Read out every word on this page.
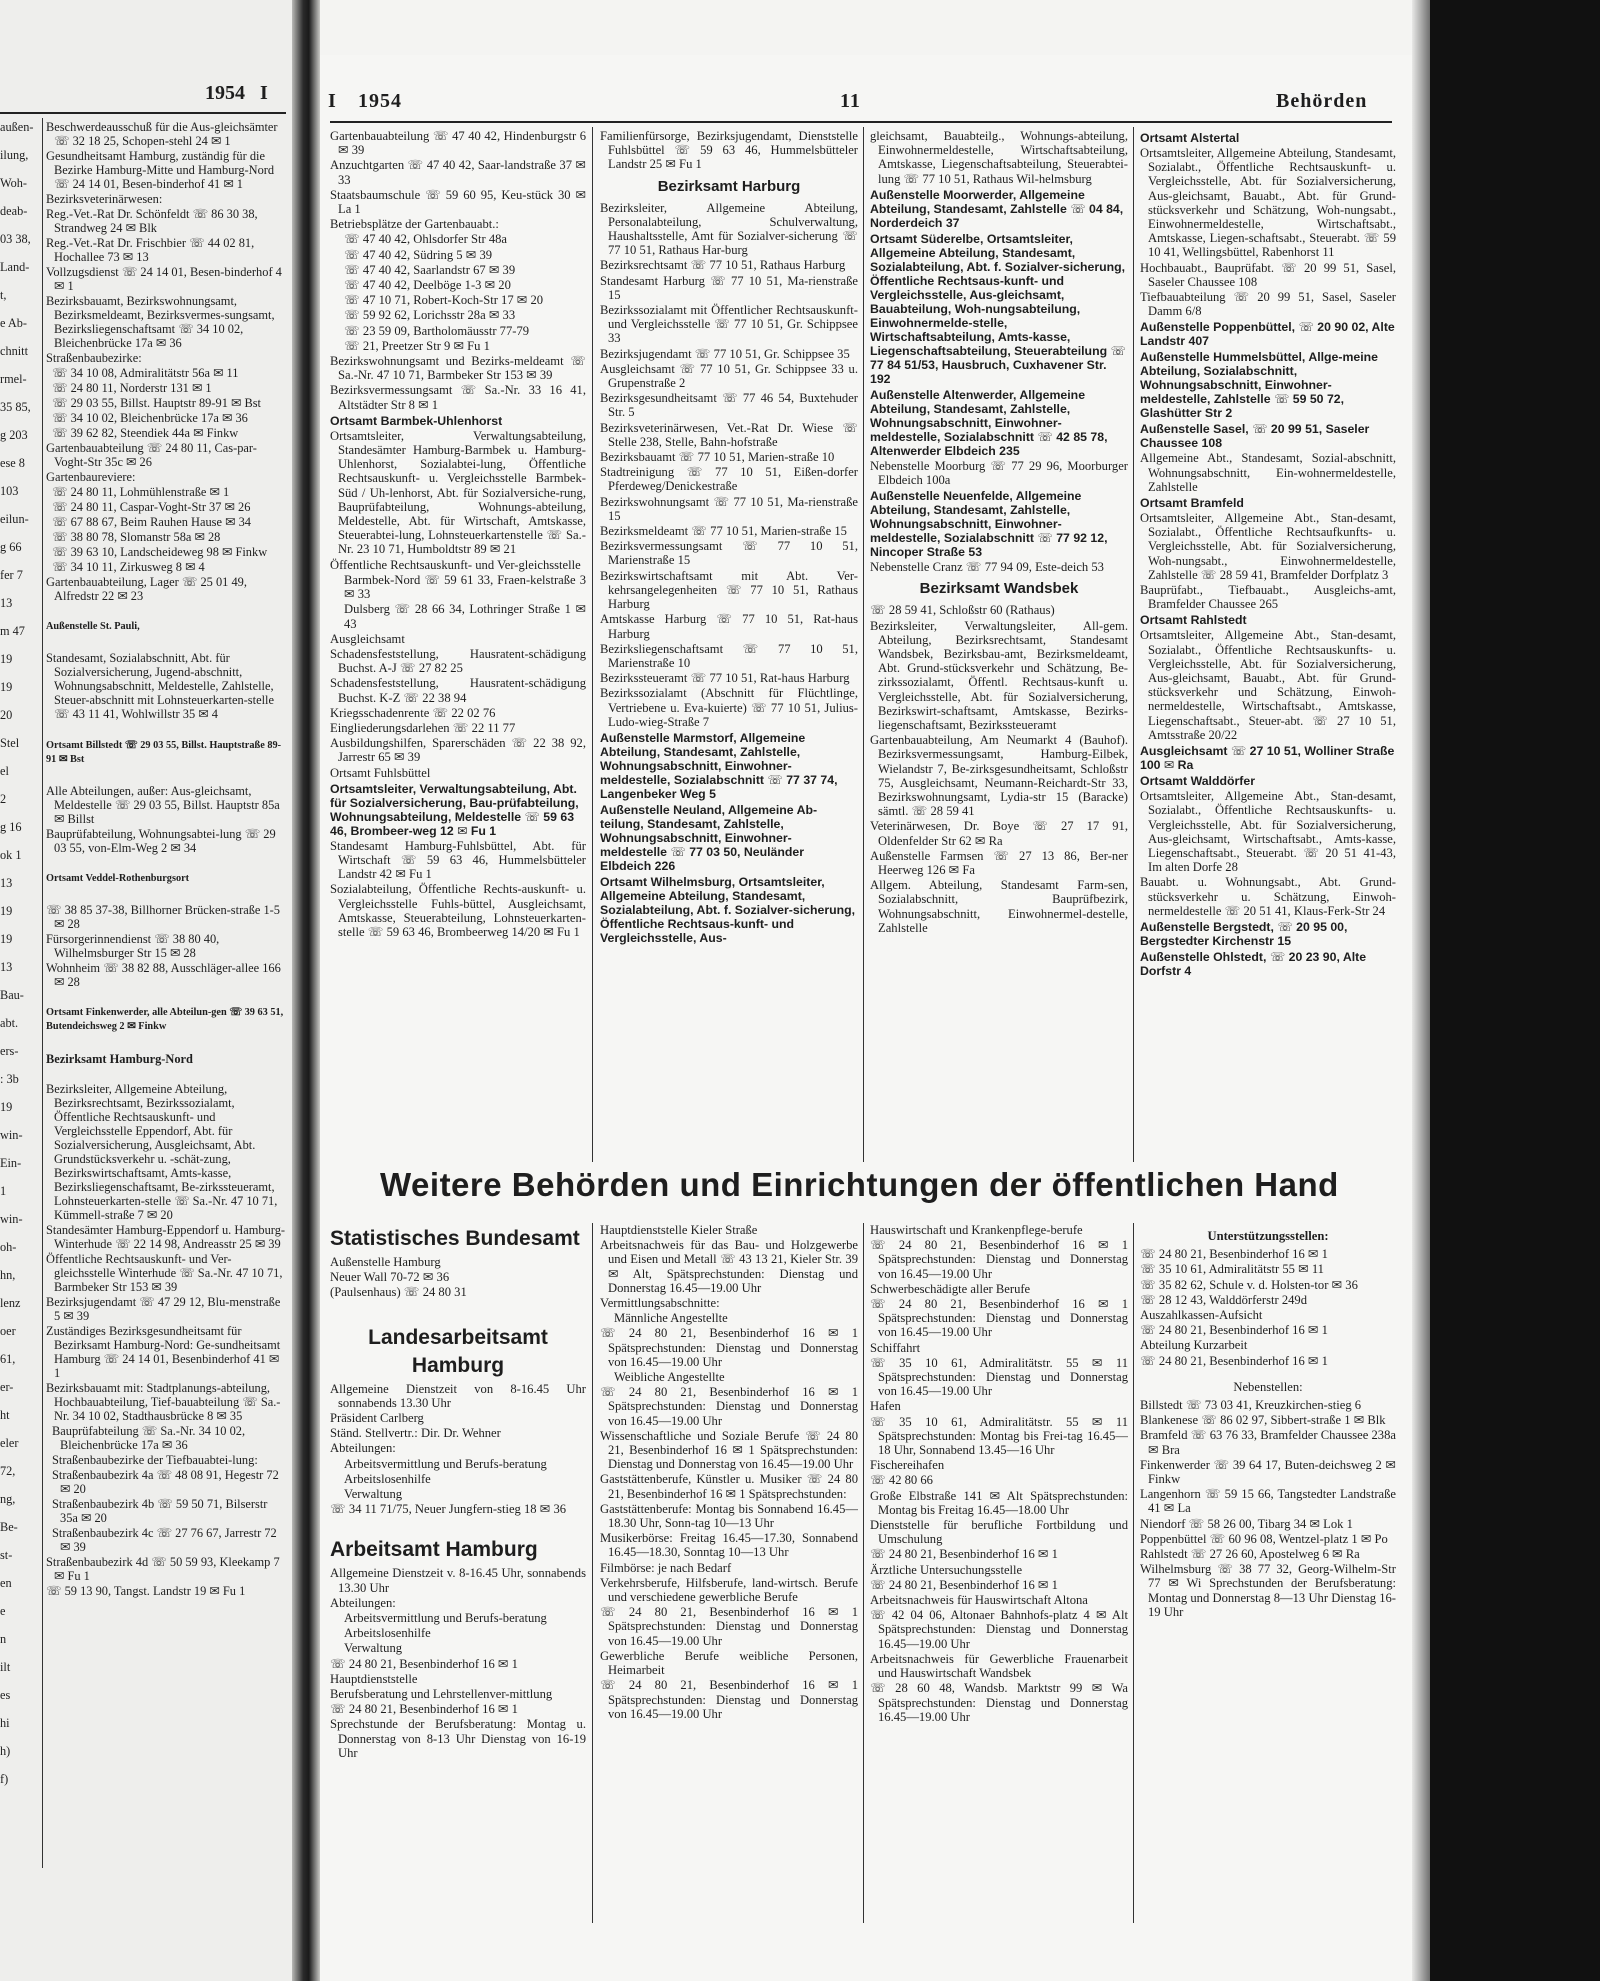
1954 I
außen-
ilung,
Woh-
deab-
03 38,
Land-
t,
e Ab-
chnitt
rmel-
35 85,
g 203
ese 8
103
eilun-
g 66
fer 7
13
m 47
19
19
20
Stel
el
2
g 16
ok 1
13
19
19
13
Bau-
abt.
ers-
: 3b
19
win-
Ein-
1
win-
oh-
hn,
lenz
oer
61,
er-
ht
eler
72,
ng,
Be-
st-
en
e
n
ilt
es
hi
h)
f)

Beschwerdeausschuß für die Aus-gleichsämter ☏ 32 18 25, Schopen-stehl 24 ✉ 1

Gesundheitsamt Hamburg, zuständig für die Bezirke Hamburg-Mitte und Hamburg-Nord ☏ 24 14 01, Besen-binderhof 41 ✉ 1

Bezirksveterinärwesen:

Reg.-Vet.-Rat Dr. Schönfeldt ☏ 86 30 38, Strandweg 24 ✉ Blk

Reg.-Vet.-Rat Dr. Frischbier ☏ 44 02 81, Hochallee 73 ✉ 13

Vollzugsdienst ☏ 24 14 01, Besen-binderhof 4 ✉ 1

Bezirksbauamt, Bezirkswohnungsamt, Bezirksmeldeamt, Bezirksvermes-sungsamt, Bezirksliegenschaftsamt ☏ 34 10 02, Bleichenbrücke 17a ✉ 36

Straßenbaubezirke:

☏ 34 10 08, Admiralitätstr 56a ✉ 11

☏ 24 80 11, Norderstr 131 ✉ 1

☏ 29 03 55, Billst. Hauptstr 89-91 ✉ Bst

☏ 34 10 02, Bleichenbrücke 17a ✉ 36

☏ 39 62 82, Steendiek 44a ✉ Finkw

Gartenbauabteilung ☏ 24 80 11, Cas-par-Voght-Str 35c ✉ 26

Gartenbaureviere:

☏ 24 80 11, Lohmühlenstraße ✉ 1

☏ 24 80 11, Caspar-Voght-Str 37 ✉ 26

☏ 67 88 67, Beim Rauhen Hause ✉ 34

☏ 38 80 78, Slomanstr 58a ✉ 28

☏ 39 63 10, Landscheideweg 98 ✉ Finkw

☏ 34 10 11, Zirkusweg 8 ✉ 4

Gartenbauabteilung, Lager ☏ 25 01 49, Alfredstr 22 ✉ 23

Außenstelle St. Pauli,

Standesamt, Sozialabschnitt, Abt. für Sozialversicherung, Jugend-abschnitt, Wohnungsabschnitt, Meldestelle, Zahlstelle, Steuer-abschnitt mit Lohnsteuerkarten-stelle ☏ 43 11 41, Wohlwillstr 35 ✉ 4

Ortsamt Billstedt ☏ 29 03 55, Billst. Hauptstraße 89-91 ✉ Bst

Alle Abteilungen, außer: Aus-gleichsamt, Meldestelle ☏ 29 03 55, Billst. Hauptstr 85a ✉ Billst

Bauprüfabteilung, Wohnungsabtei-lung ☏ 29 03 55, von-Elm-Weg 2 ✉ 34

Ortsamt Veddel-Rothenburgsort

☏ 38 85 37-38, Billhorner Brücken-straße 1-5 ✉ 28

Fürsorgerinnendienst ☏ 38 80 40, Wilhelmsburger Str 15 ✉ 28

Wohnheim ☏ 38 82 88, Ausschläger-allee 166 ✉ 28

Ortsamt Finkenwerder, alle Abteilun-gen ☏ 39 63 51, Butendeichsweg 2 ✉ Finkw
Bezirksamt Hamburg-Nord

Bezirksleiter, Allgemeine Abteilung, Bezirksrechtsamt, Bezirkssozialamt, Öffentliche Rechtsauskunft- und Vergleichsstelle Eppendorf, Abt. für Sozialversicherung, Ausgleichsamt, Abt. Grundstücksverkehr u. -schät-zung, Bezirkswirtschaftsamt, Amts-kasse, Bezirksliegenschaftsamt, Be-zirkssteueramt, Lohnsteuerkarten-stelle ☏ Sa.-Nr. 47 10 71, Kümmell-straße 7 ✉ 20

Standesämter Hamburg-Eppendorf u. Hamburg-Winterhude ☏ 22 14 98, Andreasstr 25 ✉ 39

Öffentliche Rechtsauskunft- und Ver-gleichsstelle Winterhude ☏ Sa.-Nr. 47 10 71, Barmbeker Str 153 ✉ 39

Bezirksjugendamt ☏ 47 29 12, Blu-menstraße 5 ✉ 39

Zuständiges Bezirksgesundheitsamt für Bezirksamt Hamburg-Nord: Ge-sundheitsamt Hamburg ☏ 24 14 01, Besenbinderhof 41 ✉ 1

Bezirksbauamt mit: Stadtplanungs-abteilung, Hochbauabteilung, Tief-bauabteilung ☏ Sa.-Nr. 34 10 02, Stadthausbrücke 8 ✉ 35

Bauprüfabteilung ☏ Sa.-Nr. 34 10 02, Bleichenbrücke 17a ✉ 36

Straßenbaubezirke der Tiefbauabtei-lung:

Straßenbaubezirk 4a ☏ 48 08 91, Hegestr 72 ✉ 20

Straßenbaubezirk 4b ☏ 59 50 71, Bilserstr 35a ✉ 20

Straßenbaubezirk 4c ☏ 27 76 67, Jarrestr 72 ✉ 39

Straßenbaubezirk 4d ☏ 50 59 93, Kleekamp 7 ✉ Fu 1

☏ 59 13 90, Tangst. Landstr 19 ✉ Fu 1

I 1954	11	Behörden

Gartenbauabteilung ☏ 47 40 42, Hindenburgstr 6 ✉ 39

Anzuchtgarten ☏ 47 40 42, Saar-landstraße 37 ✉ 33

Staatsbaumschule ☏ 59 60 95, Keu-stück 30 ✉ La 1

Betriebsplätze der Gartenbauabt.:

☏ 47 40 42, Ohlsdorfer Str 48a

☏ 47 40 42, Südring 5 ✉ 39

☏ 47 40 42, Saarlandstr 67 ✉ 39

☏ 47 40 42, Deelböge 1-3 ✉ 20

☏ 47 10 71, Robert-Koch-Str 17 ✉ 20

☏ 59 92 62, Lorichsstr 28a ✉ 33

☏ 23 59 09, Bartholomäusstr 77-79

☏ 21, Preetzer Str 9 ✉ Fu 1

Bezirkswohnungsamt und Bezirks-meldeamt ☏ Sa.-Nr. 47 10 71, Barmbeker Str 153 ✉ 39

Bezirksvermessungsamt ☏ Sa.-Nr. 33 16 41, Altstädter Str 8 ✉ 1

Ortsamt Barmbek-Uhlenhorst

Ortsamtsleiter, Verwaltungsabteilung, Standesämter Hamburg-Barmbek u. Hamburg-Uhlenhorst, Sozialabtei-lung, Öffentliche Rechtsauskunft- u. Vergleichsstelle Barmbek-Süd / Uh-lenhorst, Abt. für Sozialversiche-rung, Bauprüfabteilung, Wohnungs-abteilung, Meldestelle, Abt. für Wirtschaft, Amtskasse, Steuerabtei-lung, Lohnsteuerkartenstelle ☏ Sa.-Nr. 23 10 71, Humboldtstr 89 ✉ 21

Öffentliche Rechtsauskunft- und Ver-gleichsstelle

Barmbek-Nord ☏ 59 61 33, Fraen-kelstraße 3 ✉ 33

Dulsberg ☏ 28 66 34, Lothringer Straße 1 ✉ 43

Ausgleichsamt

Schadensfeststellung, Hausratent-schädigung Buchst. A-J ☏ 27 82 25

Schadensfeststellung, Hausratent-schädigung Buchst. K-Z ☏ 22 38 94

Kriegsschadenrente ☏ 22 02 76

Eingliederungsdarlehen ☏ 22 11 77

Ausbildungshilfen, Sparerschäden ☏ 22 38 92, Jarrestr 65 ✉ 39

Ortsamt Fuhlsbüttel

Ortsamtsleiter, Verwaltungsabteilung, Abt. für Sozialversicherung, Bau-prüfabteilung, Wohnungsabteilung, Meldestelle ☏ 59 63 46, Brombeer-weg 12 ✉ Fu 1

Standesamt Hamburg-Fuhlsbüttel, Abt. für Wirtschaft ☏ 59 63 46, Hummelsbütteler Landstr 42 ✉ Fu 1

Sozialabteilung, Öffentliche Rechts-auskunft- u. Vergleichsstelle Fuhls-büttel, Ausgleichsamt, Amtskasse, Steuerabteilung, Lohnsteuerkarten-stelle ☏ 59 63 46, Brombeerweg 14/20 ✉ Fu 1

Familienfürsorge, Bezirksjugendamt, Dienststelle Fuhlsbüttel ☏ 59 63 46, Hummelsbütteler Landstr 25 ✉ Fu 1

Bezirksamt Harburg

Bezirksleiter, Allgemeine Abteilung, Personalabteilung, Schulverwaltung, Haushaltsstelle, Amt für Sozialver-sicherung ☏ 77 10 51, Rathaus Har-burg

Bezirksrechtsamt ☏ 77 10 51, Rathaus Harburg

Standesamt Harburg ☏ 77 10 51, Ma-rienstraße 15

Bezirkssozialamt mit Öffentlicher Rechtsauskunft- und Vergleichsstelle ☏ 77 10 51, Gr. Schippsee 33

Bezirksjugendamt ☏ 77 10 51, Gr. Schippsee 35

Ausgleichsamt ☏ 77 10 51, Gr. Schippsee 33 u. Grupenstraße 2

Bezirksgesundheitsamt ☏ 77 46 54, Buxtehuder Str. 5

Bezirksveterinärwesen, Vet.-Rat Dr. Wiese ☏ Stelle 238, Stelle, Bahn-hofstraße

Bezirksbauamt ☏ 77 10 51, Marien-straße 10

Stadtreinigung ☏ 77 10 51, Eißen-dorfer Pferdeweg/Denickestraße

Bezirkswohnungsamt ☏ 77 10 51, Ma-rienstraße 15

Bezirksmeldeamt ☏ 77 10 51, Marien-straße 15

Bezirksvermessungsamt ☏ 77 10 51, Marienstraße 15

Bezirkswirtschaftsamt mit Abt. Ver-kehrsangelegenheiten ☏ 77 10 51, Rathaus Harburg

Amtskasse Harburg ☏ 77 10 51, Rat-haus Harburg

Bezirksliegenschaftsamt ☏ 77 10 51, Marienstraße 10

Bezirkssteueramt ☏ 77 10 51, Rat-haus Harburg

Bezirkssozialamt (Abschnitt für Flüchtlinge, Vertriebene u. Eva-kuierte) ☏ 77 10 51, Julius-Ludo-wieg-Straße 7

Außenstelle Marmstorf, Allgemeine Abteilung, Standesamt, Zahlstelle, Wohnungsabschnitt, Einwohner-meldestelle, Sozialabschnitt ☏ 77 37 74, Langenbeker Weg 5
Außenstelle Neuland, Allgemeine Ab-teilung, Standesamt, Zahlstelle, Wohnungsabschnitt, Einwohner-meldestelle ☏ 77 03 50, Neuländer Elbdeich 226
Ortsamt Wilhelmsburg, Ortsamtsleiter, Allgemeine Abteilung, Standesamt, Sozialabteilung, Abt. f. Sozialver-sicherung, Öffentliche Rechtsaus-kunft- und Vergleichsstelle, Aus-

gleichsamt, Bauabteilg., Wohnungs-abteilung, Einwohnermeldestelle, Wirtschaftsabteilung, Amtskasse, Liegenschaftsabteilung, Steuerabtei-lung ☏ 77 10 51, Rathaus Wil-helmsburg

Außenstelle Moorwerder, Allgemeine Abteilung, Standesamt, Zahlstelle ☏ 04 84, Norderdeich 37
Ortsamt Süderelbe, Ortsamtsleiter, Allgemeine Abteilung, Standesamt, Sozialabteilung, Abt. f. Sozialver-sicherung, Öffentliche Rechtsaus-kunft- und Vergleichsstelle, Aus-gleichsamt, Bauabteilung, Woh-nungsabteilung, Einwohnermelde-stelle, Wirtschaftsabteilung, Amts-kasse, Liegenschaftsabteilung, Steuerabteilung ☏ 77 84 51/53, Hausbruch, Cuxhavener Str. 192
Außenstelle Altenwerder, Allgemeine Abteilung, Standesamt, Zahlstelle, Wohnungsabschnitt, Einwohner-meldestelle, Sozialabschnitt ☏ 42 85 78, Altenwerder Elbdeich 235

Nebenstelle Moorburg ☏ 77 29 96, Moorburger Elbdeich 100a

Außenstelle Neuenfelde, Allgemeine Abteilung, Standesamt, Zahlstelle, Wohnungsabschnitt, Einwohner-meldestelle, Sozialabschnitt ☏ 77 92 12, Nincoper Straße 53

Nebenstelle Cranz ☏ 77 94 09, Este-deich 53

Bezirksamt Wandsbek

☏ 28 59 41, Schloßstr 60 (Rathaus)

Bezirksleiter, Verwaltungsleiter, All-gem. Abteilung, Bezirksrechtsamt, Standesamt Wandsbek, Bezirksbau-amt, Bezirksmeldeamt, Abt. Grund-stücksverkehr und Schätzung, Be-zirkssozialamt, Öffentl. Rechtsaus-kunft u. Vergleichsstelle, Abt. für Sozialversicherung, Bezirkswirt-schaftsamt, Amtskasse, Bezirks-liegenschaftsamt, Bezirkssteueramt

Gartenbauabteilung, Am Neumarkt 4 (Bauhof). Bezirksvermessungsamt, Hamburg-Eilbek, Wielandstr 7, Be-zirksgesundheitsamt, Schloßstr 75, Ausgleichsamt, Neumann-Reichardt-Str 33, Bezirkswohnungsamt, Lydia-str 15 (Baracke) sämtl. ☏ 28 59 41

Veterinärwesen, Dr. Boye ☏ 27 17 91, Oldenfelder Str 62 ✉ Ra

Außenstelle Farmsen ☏ 27 13 86, Ber-ner Heerweg 126 ✉ Fa

Allgem. Abteilung, Standesamt Farm-sen, Sozialabschnitt, Bauprüfbezirk, Wohnungsabschnitt, Einwohnermel-destelle, Zahlstelle

Ortsamt Alstertal

Ortsamtsleiter, Allgemeine Abteilung, Standesamt, Sozialabt., Öffentliche Rechtsauskunft- u. Vergleichsstelle, Abt. für Sozialversicherung, Aus-gleichsamt, Bauabt., Abt. für Grund-stücksverkehr und Schätzung, Woh-nungsabt., Einwohnermeldestelle, Wirtschaftsabt., Amtskasse, Liegen-schaftsabt., Steuerabt. ☏ 59 10 41, Wellingsbüttel, Rabenhorst 11

Hochbauabt., Bauprüfabt. ☏ 20 99 51, Sasel, Saseler Chaussee 108

Tiefbauabteilung ☏ 20 99 51, Sasel, Saseler Damm 6/8

Außenstelle Poppenbüttel, ☏ 20 90 02, Alte Landstr 407
Außenstelle Hummelsbüttel, Allge-meine Abteilung, Sozialabschnitt, Wohnungsabschnitt, Einwohner-meldestelle, Zahlstelle ☏ 59 50 72, Glashütter Str 2
Außenstelle Sasel, ☏ 20 99 51, Saseler Chaussee 108

Allgemeine Abt., Standesamt, Sozial-abschnitt, Wohnungsabschnitt, Ein-wohnermeldestelle, Zahlstelle

Ortsamt Bramfeld

Ortsamtsleiter, Allgemeine Abt., Stan-desamt, Sozialabt., Öffentliche Rechtsaufkunfts- u. Vergleichsstelle, Abt. für Sozialversicherung, Woh-nungsabt., Einwohnermeldestelle, Zahlstelle ☏ 28 59 41, Bramfelder Dorfplatz 3

Bauprüfabt., Tiefbauabt., Ausgleichs-amt, Bramfelder Chaussee 265

Ortsamt Rahlstedt

Ortsamtsleiter, Allgemeine Abt., Stan-desamt, Sozialabt., Öffentliche Rechtsauskunfts- u. Vergleichsstelle, Abt. für Sozialversicherung, Aus-gleichsamt, Bauabt., Abt. für Grund-stücksverkehr und Schätzung, Einwoh-nermeldestelle, Wirtschaftsabt., Amtskasse, Liegenschaftsabt., Steuer-abt. ☏ 27 10 51, Amtsstraße 20/22

Ausgleichsamt ☏ 27 10 51, Wolliner Straße 100 ✉ Ra
Ortsamt Walddörfer

Ortsamtsleiter, Allgemeine Abt., Stan-desamt, Sozialabt., Öffentliche Rechtsauskunfts- u. Vergleichsstelle, Abt. für Sozialversicherung, Aus-gleichsamt, Wirtschaftsabt., Amts-kasse, Liegenschaftsabt., Steuerabt. ☏ 20 51 41-43, Im alten Dorfe 28

Bauabt. u. Wohnungsabt., Abt. Grund-stücksverkehr u. Schätzung, Einwoh-nermeldestelle ☏ 20 51 41, Klaus-Ferk-Str 24

Außenstelle Bergstedt, ☏ 20 95 00, Bergstedter Kirchenstr 15
Außenstelle Ohlstedt, ☏ 20 23 90, Alte Dorfstr 4
Weitere Behörden und Einrichtungen der öffentlichen Hand
Statistisches Bundesamt

Außenstelle Hamburg

Neuer Wall 70-72 ✉ 36

(Paulsenhaus) ☏ 24 80 31

Landesarbeitsamt
Hamburg

Allgemeine Dienstzeit von 8-16.45 Uhr sonnabends 13.30 Uhr

Präsident Carlberg

Ständ. Stellvertr.: Dir. Dr. Wehner

Abteilungen:

Arbeitsvermittlung und Berufs-beratung

Arbeitslosenhilfe

Verwaltung

☏ 34 11 71/75, Neuer Jungfern-stieg 18 ✉ 36

Arbeitsamt Hamburg

Allgemeine Dienstzeit v. 8-16.45 Uhr, sonnabends 13.30 Uhr

Abteilungen:

Arbeitsvermittlung und Berufs-beratung

Arbeitslosenhilfe

Verwaltung

☏ 24 80 21, Besenbinderhof 16 ✉ 1

Hauptdienststelle

Berufsberatung und Lehrstellenver-mittlung

☏ 24 80 21, Besenbinderhof 16 ✉ 1

Sprechstunde der Berufsberatung: Montag u. Donnerstag von 8-13 Uhr Dienstag von 16-19 Uhr

Hauptdienststelle Kieler Straße

Arbeitsnachweis für das Bau- und Holzgewerbe und Eisen und Metall ☏ 43 13 21, Kieler Str. 39 ✉ Alt, Spätsprechstunden: Dienstag und Donnerstag 16.45—19.00 Uhr

Vermittlungsabschnitte:

Männliche Angestellte

☏ 24 80 21, Besenbinderhof 16 ✉ 1 Spätsprechstunden: Dienstag und Donnerstag von 16.45—19.00 Uhr

Weibliche Angestellte

☏ 24 80 21, Besenbinderhof 16 ✉ 1 Spätsprechstunden: Dienstag und Donnerstag von 16.45—19.00 Uhr

Wissenschaftliche und Soziale Berufe ☏ 24 80 21, Besenbinderhof 16 ✉ 1 Spätsprechstunden: Dienstag und Donnerstag von 16.45—19.00 Uhr

Gaststättenberufe, Künstler u. Musiker ☏ 24 80 21, Besenbinderhof 16 ✉ 1 Spätsprechstunden:

Gaststättenberufe: Montag bis Sonnabend 16.45—18.30 Uhr, Sonn-tag 10—13 Uhr

Musikerbörse: Freitag 16.45—17.30, Sonnabend 16.45—18.30, Sonntag 10—13 Uhr

Filmbörse: je nach Bedarf

Verkehrsberufe, Hilfsberufe, land-wirtsch. Berufe und verschiedene gewerbliche Berufe

☏ 24 80 21, Besenbinderhof 16 ✉ 1 Spätsprechstunden: Dienstag und Donnerstag von 16.45—19.00 Uhr

Gewerbliche Berufe weibliche Personen, Heimarbeit

☏ 24 80 21, Besenbinderhof 16 ✉ 1 Spätsprechstunden: Dienstag und Donnerstag von 16.45—19.00 Uhr

Hauswirtschaft und Krankenpflege-berufe

☏ 24 80 21, Besenbinderhof 16 ✉ 1 Spätsprechstunden: Dienstag und Donnerstag von 16.45—19.00 Uhr

Schwerbeschädigte aller Berufe

☏ 24 80 21, Besenbinderhof 16 ✉ 1 Spätsprechstunden: Dienstag und Donnerstag von 16.45—19.00 Uhr

Schiffahrt

☏ 35 10 61, Admiralitätstr. 55 ✉ 11 Spätsprechstunden: Dienstag und Donnerstag von 16.45—19.00 Uhr

Hafen

☏ 35 10 61, Admiralitätstr. 55 ✉ 11 Spätsprechstunden: Montag bis Frei-tag 16.45—18 Uhr, Sonnabend 13.45—16 Uhr

Fischereihafen

☏ 42 80 66

Große Elbstraße 141 ✉ Alt Spätsprechstunden: Montag bis Freitag 16.45—18.00 Uhr

Dienststelle für berufliche Fortbildung und Umschulung

☏ 24 80 21, Besenbinderhof 16 ✉ 1

Ärztliche Untersuchungsstelle

☏ 24 80 21, Besenbinderhof 16 ✉ 1

Arbeitsnachweis für Hauswirtschaft Altona

☏ 42 04 06, Altonaer Bahnhofs-platz 4 ✉ Alt Spätsprechstunden: Dienstag und Donnerstag 16.45—19.00 Uhr

Arbeitsnachweis für Gewerbliche Frauenarbeit und Hauswirtschaft Wandsbek

☏ 28 60 48, Wandsb. Marktstr 99 ✉ Wa Spätsprechstunden: Dienstag und Donnerstag 16.45—19.00 Uhr

Unterstützungsstellen:

☏ 24 80 21, Besenbinderhof 16 ✉ 1

☏ 35 10 61, Admiralitätstr 55 ✉ 11

☏ 35 82 62, Schule v. d. Holsten-tor ✉ 36

☏ 28 12 43, Walddörferstr 249d

Auszahlkassen-Aufsicht

☏ 24 80 21, Besenbinderhof 16 ✉ 1

Abteilung Kurzarbeit

☏ 24 80 21, Besenbinderhof 16 ✉ 1

Nebenstellen:

Billstedt ☏ 73 03 41, Kreuzkirchen-stieg 6

Blankenese ☏ 86 02 97, Sibbert-straße 1 ✉ Blk

Bramfeld ☏ 63 76 33, Bramfelder Chaussee 238a ✉ Bra

Finkenwerder ☏ 39 64 17, Buten-deichsweg 2 ✉ Finkw

Langenhorn ☏ 59 15 66, Tangstedter Landstraße 41 ✉ La

Niendorf ☏ 58 26 00, Tibarg 34 ✉ Lok 1

Poppenbüttel ☏ 60 96 08, Wentzel-platz 1 ✉ Po

Rahlstedt ☏ 27 26 60, Apostelweg 6 ✉ Ra

Wilhelmsburg ☏ 38 77 32, Georg-Wilhelm-Str 77 ✉ Wi Sprechstunden der Berufsberatung: Montag und Donnerstag 8—13 Uhr Dienstag 16-19 Uhr
